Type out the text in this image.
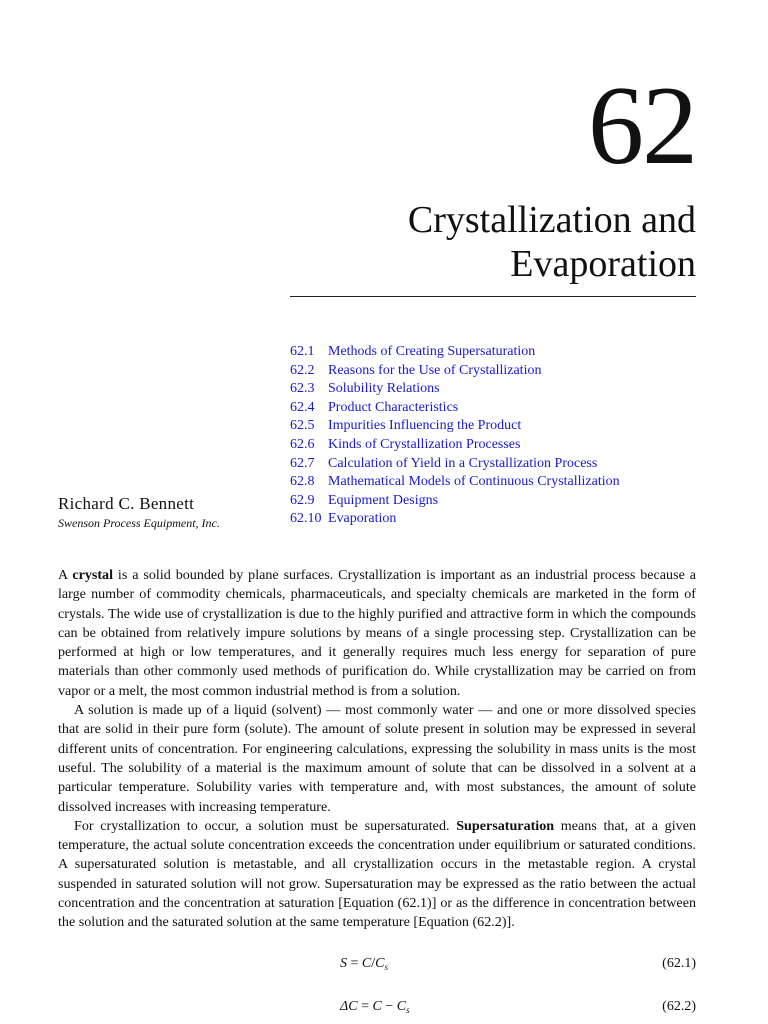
62
Crystallization and
Evaporation
62.1 Methods of Creating Supersaturation
62.2 Reasons for the Use of Crystallization
62.3 Solubility Relations
62.4 Product Characteristics
62.5 Impurities Influencing the Product
62.6 Kinds of Crystallization Processes
62.7 Calculation of Yield in a Crystallization Process
62.8 Mathematical Models of Continuous Crystallization
62.9 Equipment Designs
62.10 Evaporation
Richard C. Bennett
Swenson Process Equipment, Inc.

A crystal is a solid bounded by plane surfaces. Crystallization is important as an industrial process because a large number of commodity chemicals, pharmaceuticals, and specialty chemicals are marketed in the form of crystals. The wide use of crystallization is due to the highly purified and attractive form in which the compounds can be obtained from relatively impure solutions by means of a single processing step. Crystallization can be performed at high or low temperatures, and it generally requires much less energy for separation of pure materials than other commonly used methods of purification do. While crystallization may be carried on from vapor or a melt, the most common industrial method is from a solution.

A solution is made up of a liquid (solvent) — most commonly water — and one or more dissolved species that are solid in their pure form (solute). The amount of solute present in solution may be expressed in several different units of concentration. For engineering calculations, expressing the solubility in mass units is the most useful. The solubility of a material is the maximum amount of solute that can be dissolved in a solvent at a particular temperature. Solubility varies with temperature and, with most substances, the amount of solute dissolved increases with increasing temperature.

For crystallization to occur, a solution must be supersaturated. Supersaturation means that, at a given temperature, the actual solute concentration exceeds the concentration under equilibrium or saturated conditions. A supersaturated solution is metastable, and all crystallization occurs in the metastable region. A crystal suspended in saturated solution will not grow. Supersaturation may be expressed as the ratio between the actual concentration and the concentration at saturation [Equation (62.1)] or as the difference in concentration between the solution and the saturated solution at the same temperature [Equation (62.2)].

$S = C/C_s$	(62.1)
$\Delta C = C - C_s$	(62.2)
